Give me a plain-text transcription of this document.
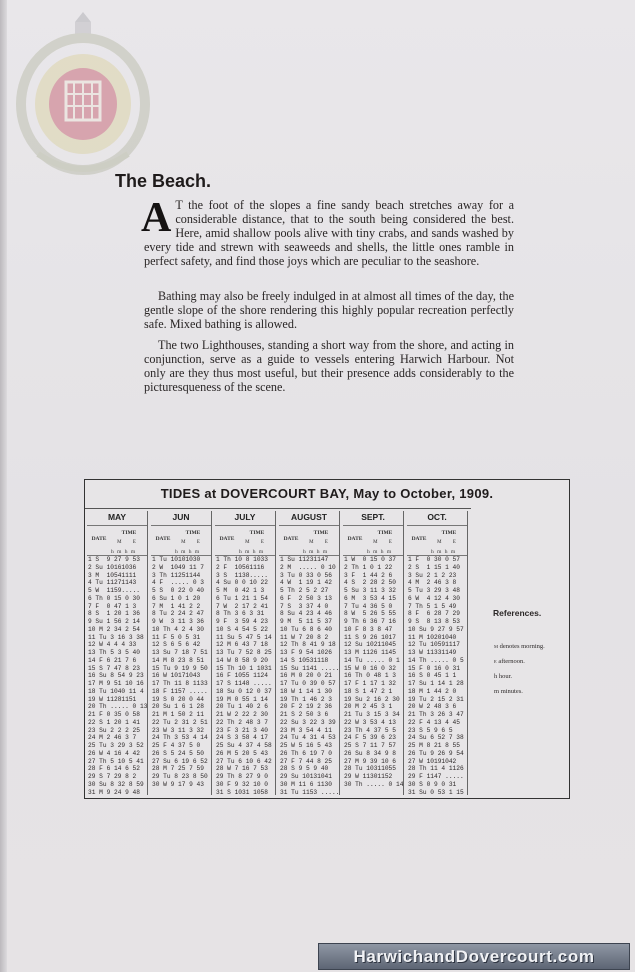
The Beach.

A T the foot of the slopes a fine sandy beach stretches away for a considerable distance, that to the south being considered the best. Here, amid shallow pools alive with tiny crabs, and sands washed by every tide and strewn with seaweeds and shells, the little ones ramble in perfect safety, and find those joys which are peculiar to the seashore.

Bathing may also be freely indulged in at almost all times of the day, the gentle slope of the shore rendering this highly popular recreation perfectly safe. Mixed bathing is allowed.

The two Lighthouses, standing a short way from the shore, and acting in conjunction, serve as a guide to vessels entering Harwich Harbour. Not only are they thus most useful, but their presence adds considerably to the picturesqueness of the scene.

TIDES at DOVERCOURT BAY, May to October, 1909.
MAY
DATE
TIME
M E
h m h m
1 S  9 27 9 53
2 Su 10161036
3 M  10541111
4 Tu 11271143
5 W  1159.....
6 Th 0 15 0 30
7 F  0 47 1 3
8 S  1 20 1 36
9 Su 1 56 2 14
10 M 2 34 2 54
11 Tu 3 16 3 38
12 W 4 4 4 33
13 Th 5 3 5 40
14 F 6 21 7 6
15 S 7 47 8 23
16 Su 8 54 9 23
17 M 9 51 10 16
18 Tu 1040 11 4
19 W 11281151
20 Th ..... 0 13
21 F 0 35 0 58
22 S 1 20 1 41
23 Su 2 2 2 25
24 M 2 46 3 7
25 Tu 3 29 3 52
26 W 4 16 4 42
27 Th 5 10 5 41
28 F 6 14 6 52
29 S 7 29 8 2
30 Su 8 32 8 59
31 M 9 24 9 48
JUN
DATE
TIME
M E
h m h m
1 Tu 10101030
2 W  1049 11 7
3 Th 11251144
4 F  ..... 0 3
5 S  0 22 0 40
6 Su 1 0 1 20
7 M  1 41 2 2
8 Tu 2 24 2 47
9 W  3 11 3 36
10 Th 4 2 4 30
11 F 5 0 5 31
12 S 6 5 6 42
13 Su 7 18 7 51
14 M 8 23 8 51
15 Tu 9 19 9 50
16 W 10171043
17 Th 11 8 1133
18 F 1157 .....
19 S 0 20 0 44
20 Su 1 6 1 28
21 M 1 50 2 11
22 Tu 2 31 2 51
23 W 3 11 3 32
24 Th 3 53 4 14
25 F 4 37 5 0
26 S 5 24 5 50
27 Su 6 19 6 52
28 M 7 25 7 59
29 Tu 8 23 8 50
30 W 9 17 9 43
JULY
DATE
TIME
M E
h m h m
1 Th 10 8 1033
2 F  10561116
3 S  1138.....
4 Su 0 0 10 22
5 M  0 42 1 3
6 Tu 1 21 1 54
7 W  2 17 2 41
8 Th 3 6 3 31
9 F  3 59 4 23
10 S 4 54 5 22
11 Su 5 47 5 14
12 M 6 43 7 18
13 Tu 7 52 8 25
14 W 8 58 9 20
15 Th 10 1 1031
16 F 1055 1124
17 S 1148 .....
18 Su 0 12 0 37
19 M 0 55 1 14
20 Tu 1 40 2 6
21 W 2 22 2 30
22 Th 2 48 3 7
23 F 3 21 3 40
24 S 3 58 4 17
25 Su 4 37 4 58
26 M 5 20 5 43
27 Tu 6 10 6 42
28 W 7 16 7 53
29 Th 8 27 9 0
30 F 9 32 10 0
31 S 1031 1058
AUGUST
DATE
TIME
M E
h m h m
1 Su 11231147
2 M  ..... 0 10
3 Tu 0 33 0 56
4 W  1 19 1 42
5 Th 2 5 2 27
6 F  2 50 3 13
7 S  3 37 4 0
8 Su 4 23 4 46
9 M  5 11 5 37
10 Tu 6 8 6 40
11 W 7 20 8 2
12 Th 8 41 9 18
13 F 9 54 1026
14 S 10531118
15 Su 1141 .....
16 M 0 20 0 21
17 Tu 0 39 0 57
18 W 1 14 1 30
19 Th 1 46 2 3
20 F 2 19 2 36
21 S 2 50 3 6
22 Su 3 22 3 39
23 M 3 54 4 11
24 Tu 4 31 4 53
25 W 5 16 5 43
26 Th 6 19 7 0
27 F 7 44 8 25
28 S 9 5 9 40
29 Su 10131041
30 M 11 6 1130
31 Tu 1153 .....
SEPT.
DATE
TIME
M E
h m h m
1 W  0 15 0 37
2 Th 1 0 1 22
3 F  1 44 2 6
4 S  2 28 2 50
5 Su 3 11 3 32
6 M  3 53 4 15
7 Tu 4 36 5 0
8 W  5 26 5 55
9 Th 6 36 7 16
10 F 8 3 8 47
11 S 9 26 1017
12 Su 10211045
13 M 1126 1145
14 Tu ..... 0 1
15 W 0 16 0 32
16 Th 0 48 1 3
17 F 1 17 1 32
18 S 1 47 2 1
19 Su 2 16 2 30
20 M 2 45 3 1
21 Tu 3 15 3 34
22 W 3 53 4 13
23 Th 4 37 5 5
24 F 5 39 6 23
25 S 7 11 7 57
26 Su 8 34 9 8
27 M 9 39 10 6
28 Tu 10311055
29 W 11301152
30 Th ..... 0 14
OCT.
DATE
TIME
M E
h m h m
1 F  0 30 0 57
2 S  1 15 1 40
3 Su 2 1 2 23
4 M  2 46 3 8
5 Tu 3 29 3 48
6 W  4 12 4 30
7 Th 5 1 5 49
8 F  6 28 7 29
9 S  8 13 8 53
10 Su 9 27 9 57
11 M 10201040
12 Tu 10591117
13 W 11331149
14 Th ..... 0 5
15 F 0 16 0 31
16 S 0 45 1 1
17 Su 1 14 1 28
18 M 1 44 2 0
19 Tu 2 15 2 31
20 W 2 48 3 6
21 Th 3 26 3 47
22 F 4 13 4 45
23 S 5 9 6 5
24 Su 6 52 7 38
25 M 8 21 8 55
26 Tu 9 26 9 54
27 W 10191042
28 Th 11 4 1126
29 F 1147 .....
30 S 0 9 0 31
31 Su 0 53 1 15
References.
M denotes morning.
E afternoon.
h hour.
m minutes.
HarwichandDovercourt.com
